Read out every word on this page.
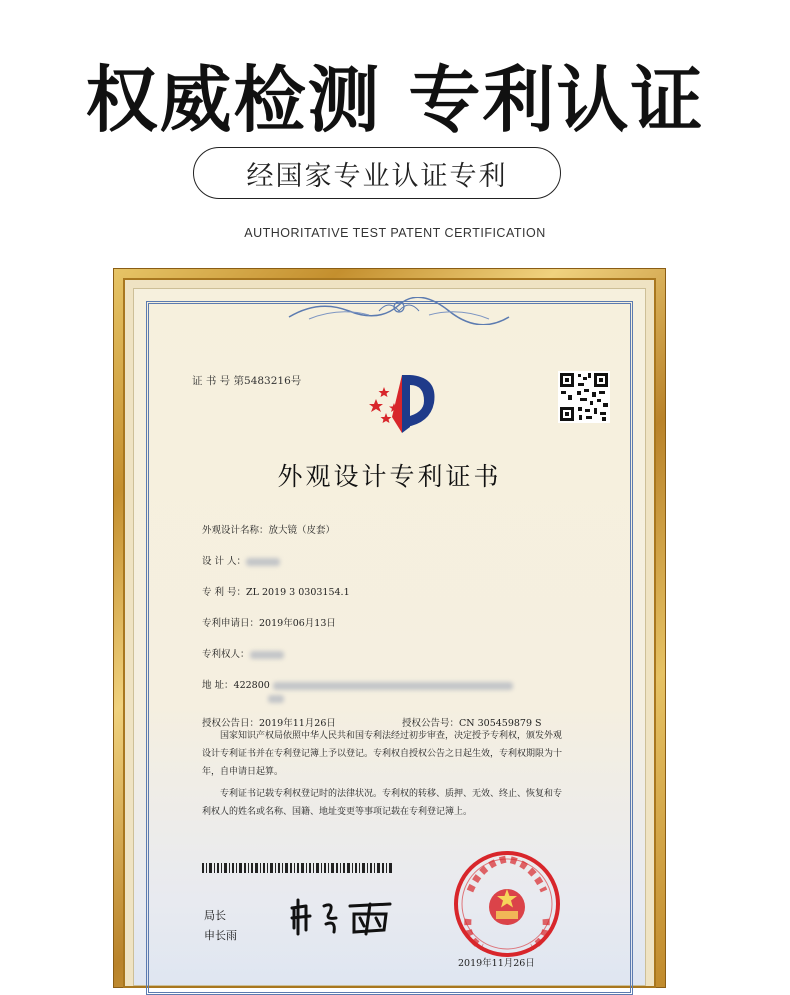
权威检测 专利认证
经国家专业认证专利
AUTHORITATIVE TEST PATENT CERTIFICATION
证 书 号 第5483216号
外观设计专利证书
外观设计名称：放大镜（皮套）
设 计 人：
专 利 号：ZL 2019 3 0303154.1
专利申请日：2019年06月13日
专利权人：
地 址：422800
授权公告日：2019年11月26日	授权公告号：CN 305459879 S
国家知识产权局依照中华人民共和国专利法经过初步审查，决定授予专利权，颁发外观
设计专利证书并在专利登记簿上予以登记。专利权自授权公告之日起生效，专利权期限为十
年，自申请日起算。
专利证书记载专利权登记时的法律状况。专利权的转移、质押、无效、终止、恢复和专
利权人的姓名或名称、国籍、地址变更等事项记载在专利登记簿上。
局长
申长雨
2019年11月26日
